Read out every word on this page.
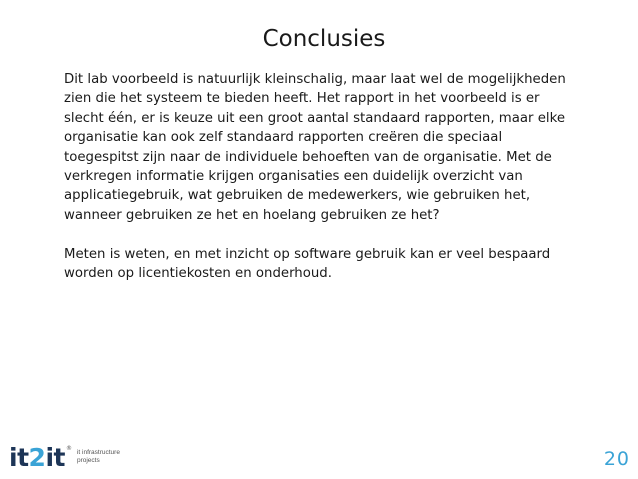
Conclusies

Dit lab voorbeeld is natuurlijk kleinschalig, maar laat wel de mogelijkheden zien die het systeem te bieden heeft. Het rapport in het voorbeeld is er slecht één, er is keuze uit een groot aantal standaard rapporten, maar elke organisatie kan ook zelf standaard rapporten creëren die speciaal toegespitst zijn naar de individuele behoeften van de organisatie. Met de verkregen informatie krijgen organisaties een duidelijk overzicht van applicatiegebruik, wat gebruiken de medewerkers, wie gebruiken het, wanneer gebruiken ze het en hoelang gebruiken ze het?

Meten is weten, en met inzicht op software gebruik kan er veel bespaard worden op licentiekosten en onderhoud.

it2it ®
it infrastructure
projects	20
